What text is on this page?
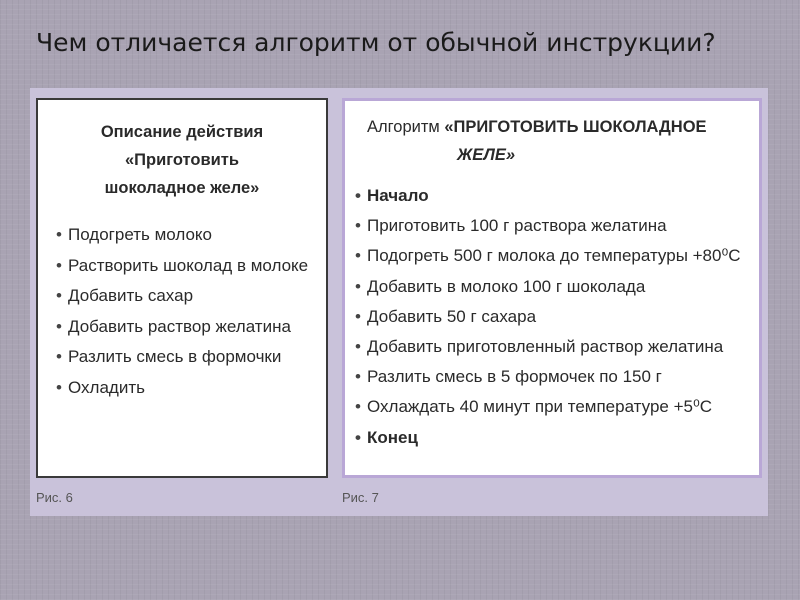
Чем отличается алгоритм от обычной инструкции?
Описание действия
«Приготовить
шоколадное желе»
• Подогреть молоко
• Растворить шоколад в молоке
• Добавить сахар
• Добавить раствор желатина
• Разлить смесь в формочки
• Охладить
Алгоритм «ПРИГОТОВИТЬ ШОКОЛАДНОЕ
ЖЕЛЕ»
• Начало
• Приготовить 100 г раствора желатина
• Подогреть 500 г молока до температуры +80⁰С
• Добавить в молоко 100 г шоколада
• Добавить 50 г сахара
• Добавить приготовленный раствор желатина
• Разлить смесь в 5 формочек по 150 г
• Охлаждать 40 минут при температуре +5⁰С
• Конец
Рис. 6	Рис. 7
